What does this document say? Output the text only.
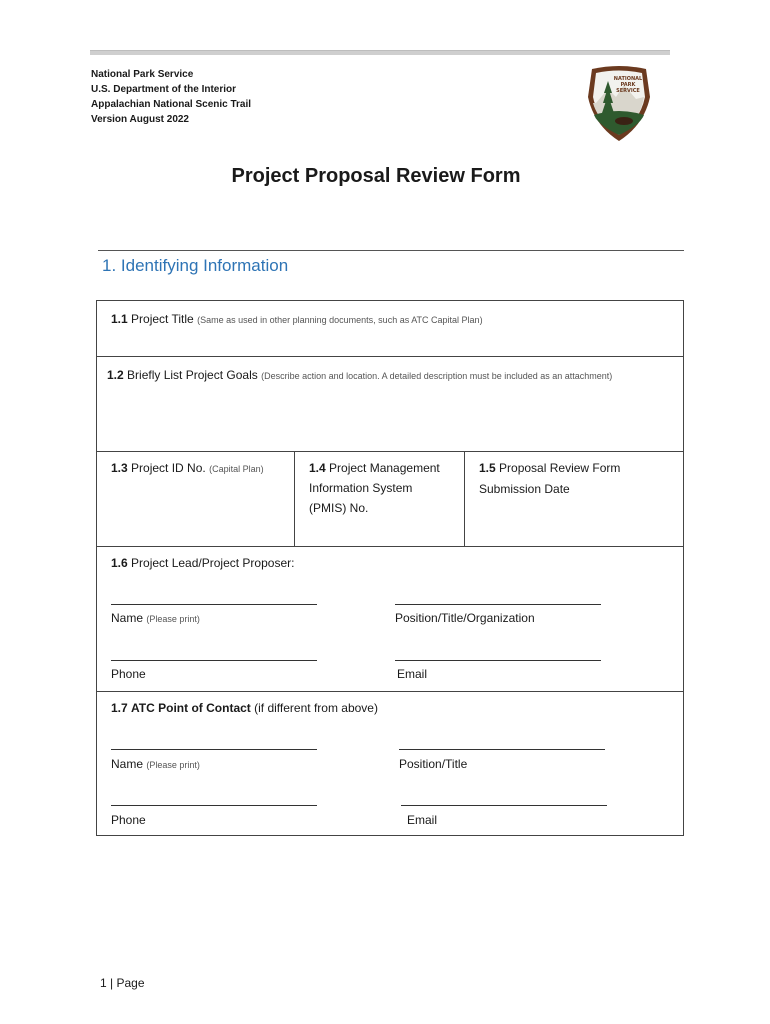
National Park Service
U.S. Department of the Interior
Appalachian National Scenic Trail
Version August 2022
NATIONAL
PARK
SERVICE
Project Proposal Review Form
1. Identifying Information
1.1 Project Title (Same as used in other planning documents, such as ATC Capital Plan)
1.2 Briefly List Project Goals (Describe action and location. A detailed description must be included as an attachment)
1.3 Project ID No. (Capital Plan)	1.4 Project Management
Information System
(PMIS) No.
1.5 Proposal Review Form
Submission Date
1.6 Project Lead/Project Proposer:
Name (Please print)	Position/Title/Organization
Phone	Email
1.7 ATC Point of Contact (if different from above)
Name (Please print)	Position/Title
Phone	Email
1 | Page
